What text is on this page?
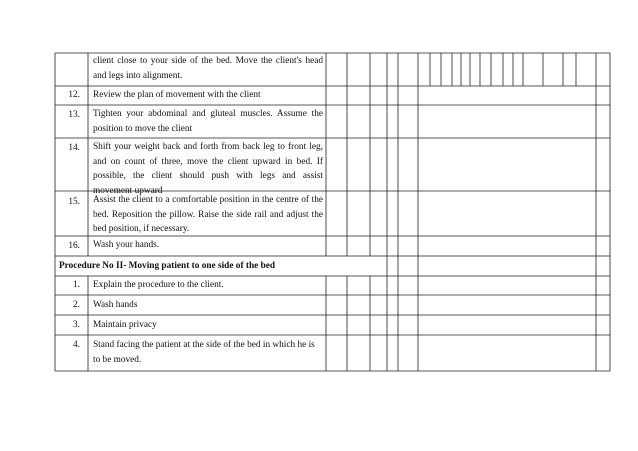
client close to your side of the bed. Move the client's head and legs into alignment.
12. Review the plan of movement with the client
13. Tighten your abdominal and gluteal muscles. Assume the position to move the client
14. Shift your weight back and forth from back leg to front leg, and on count of three, move the client upward in bed. If possible, the client should push with legs and assist movement upward
15. Assist the client to a comfortable position in the centre of the bed. Reposition the pillow. Raise the side rail and adjust the bed position, if necessary.
16. Wash your hands.
Procedure No II- Moving patient to one side of the bed
1. Explain the procedure to the client.
2. Wash hands
3. Maintain privacy
4. Stand facing the patient at the side of the bed in which he is to be moved.
